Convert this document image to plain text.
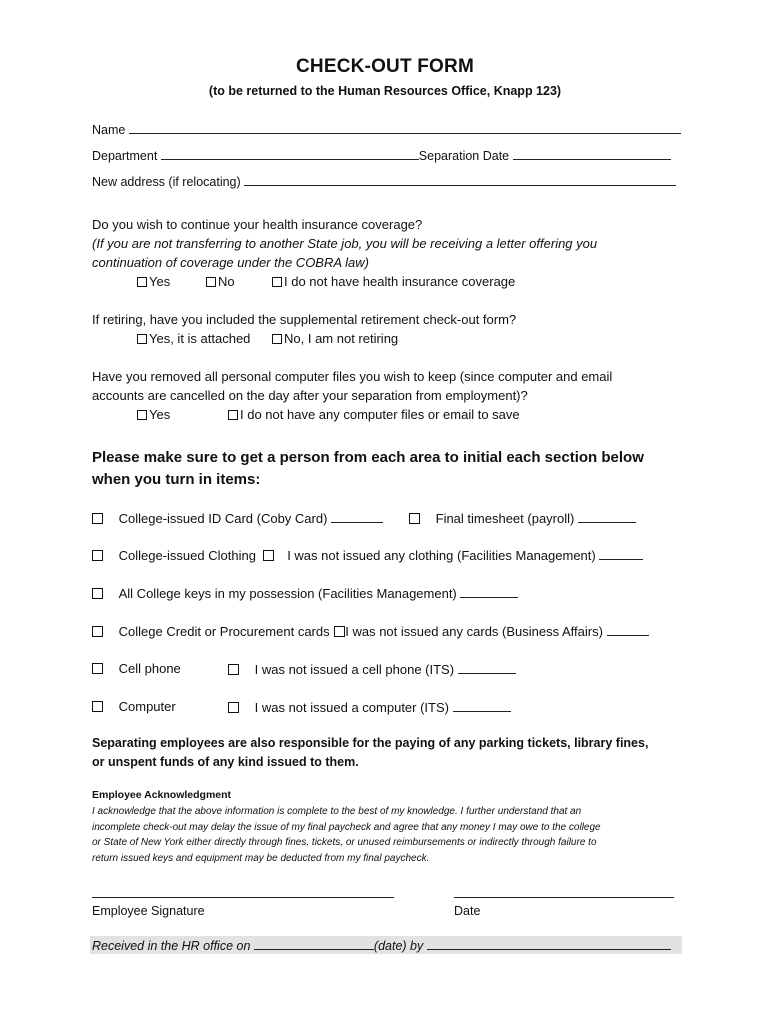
CHECK-OUT FORM
(to be returned to the Human Resources Office, Knapp 123)
Name
Department	Separation Date
New address (if relocating)
Do you wish to continue your health insurance coverage?
(If you are not transferring to another State job, you will be receiving a letter offering you
continuation of coverage under the COBRA law)
Yes	No	I do not have health insurance coverage
If retiring, have you included the supplemental retirement check-out form?
Yes, it is attached	No, I am not retiring
Have you removed all personal computer files you wish to keep (since computer and email
accounts are cancelled on the day after your separation from employment)?
Yes	I do not have any computer files or email to save
Please make sure to get a person from each area to initial each section below
when you turn in items:
College-issued ID Card (Coby Card)	Final timesheet (payroll)
College-issued Clothing I was not issued any clothing (Facilities Management)
All College keys in my possession (Facilities Management)
College Credit or Procurement cards I was not issued any cards (Business Affairs)
Cell phone	I was not issued a cell phone (ITS)
Computer	I was not issued a computer (ITS)
Separating employees are also responsible for the paying of any parking tickets, library fines,
or unspent funds of any kind issued to them.
Employee Acknowledgment
I acknowledge that the above information is complete to the best of my knowledge. I further understand that an
incomplete check-out may delay the issue of my final paycheck and agree that any money I may owe to the college
or State of New York either directly through fines, tickets, or unused reimbursements or indirectly through failure to
return issued keys and equipment may be deducted from my final paycheck.
Employee Signature	Date
Received in the HR office on	(date) by
